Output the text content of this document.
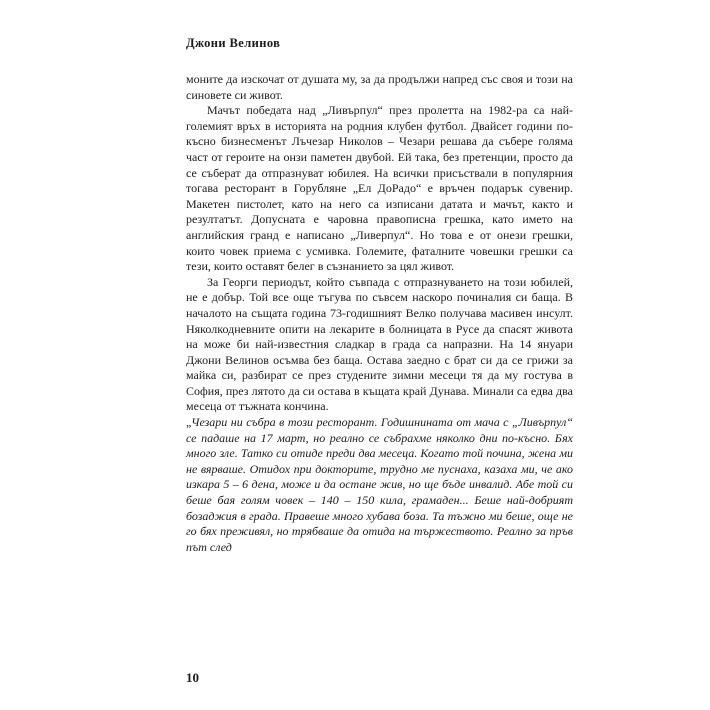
Джони Велинов

моните да изскочат от душата му, за да продължи напред със своя и този на синовете си живот.

Мачът победата над „Ливърпул“ през пролетта на 1982-ра са най-големият връх в историята на родния клубен футбол. Двайсет години по-късно бизнесменът Лъчезар Николов – Чезари решава да събере голяма част от героите на онзи паметен двубой. Ей така, без претенции, просто да се съберат да отпразнуват юбилея. На всички присъствали в популярния тогава ресторант в Горубляне „Ел ДоРадо“ е връчен подарък сувенир. Макетен пистолет, като на него са изписани датата и мачът, както и резултатът. Допусната е чаровна правописна грешка, като името на английския гранд е написано „Ливерпул“. Но това е от онези грешки, които човек приема с усмивка. Големите, фаталните човешки грешки са тези, които оставят белег в съзнанието за цял живот.

За Георги периодът, който съвпада с отпразнуването на този юбилей, не е добър. Той все още тъгува по съвсем наскоро починалия си баща. В началото на същата година 73-годишният Велко получава масивен инсулт. Няколкодневните опити на лекарите в болницата в Русе да спасят живота на може би най-известния сладкар в града са напразни. На 14 януари Джони Велинов осъмва без баща. Остава заедно с брат си да се грижи за майка си, разбират се през студените зимни месеци тя да му гостува в София, през лятото да си остава в къщата край Дунава. Минали са едва два месеца от тъжната кончина.

„Чезари ни събра в този ресторант. Годишнината от мача с „Ливърпул“ се падаше на 17 март, но реално се събрахме няколко дни по-късно. Бях много зле. Татко си отиде преди два месеца. Когато той почина, жена ми не вярваше. Отидох при докторите, трудно ме пуснаха, казаха ми, че ако изкара 5 – 6 дена, може и да остане жив, но ще бъде инвалид. Абе той си беше бая голям човек – 140 – 150 кила, грамаден... Беше най-добрият бозаджия в града. Правеше много хубава боза. Та тъжно ми беше, още не го бях преживял, но трябваше да отида на тържеството. Реално за пръв път след

10
